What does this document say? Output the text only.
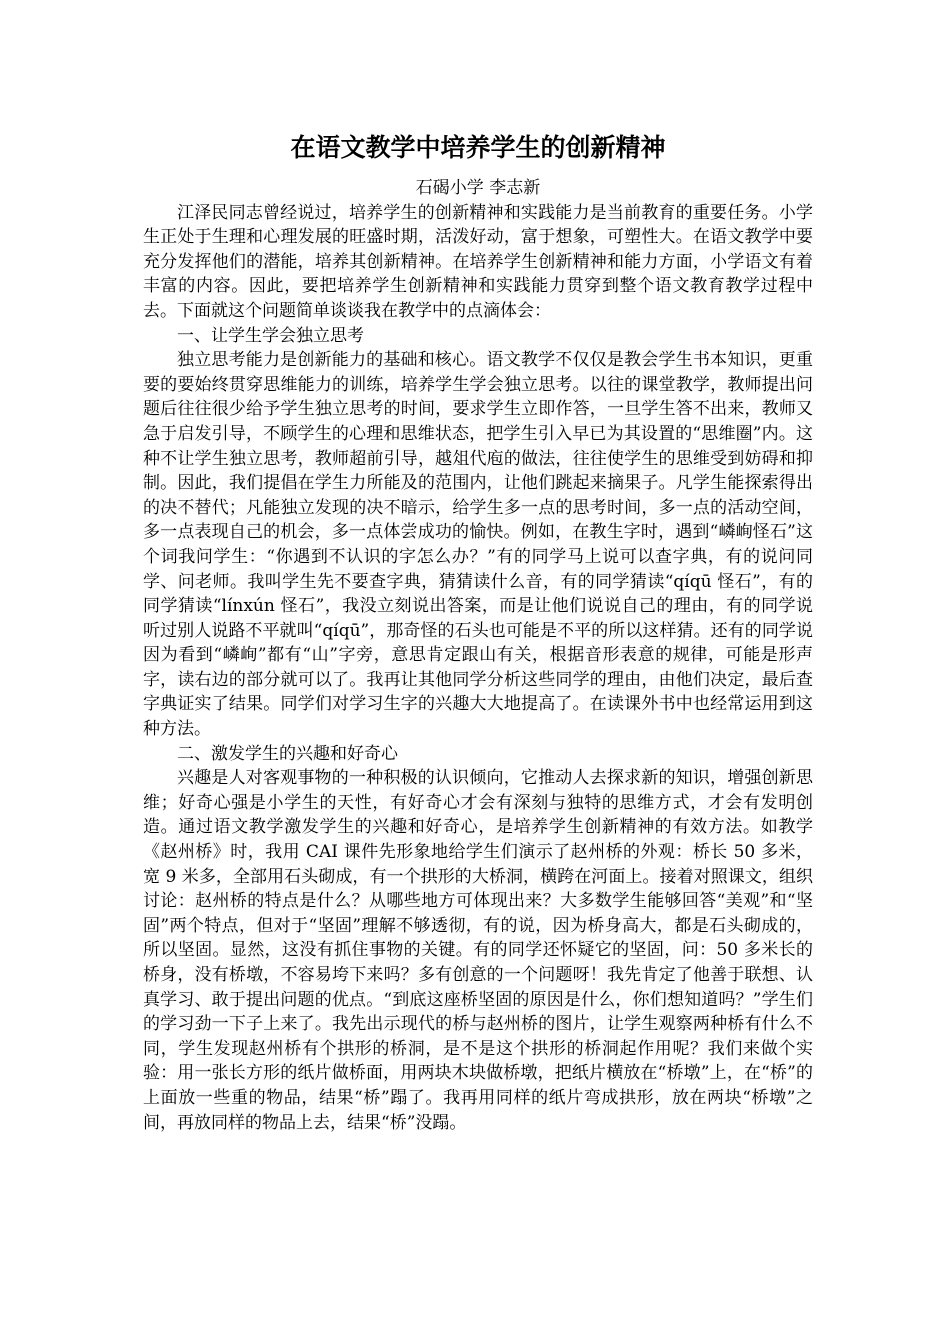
在语文教学中培养学生的创新精神

石碣小学 李志新

江泽民同志曾经说过，培养学生的创新精神和实践能力是当前教育的重要任务。小学生正处于生理和心理发展的旺盛时期，活泼好动，富于想象，可塑性大。在语文教学中要充分发挥他们的潜能，培养其创新精神。在培养学生创新精神和能力方面，小学语文有着丰富的内容。因此，要把培养学生创新精神和实践能力贯穿到整个语文教育教学过程中去。下面就这个问题简单谈谈我在教学中的点滴体会：

一、让学生学会独立思考

独立思考能力是创新能力的基础和核心。语文教学不仅仅是教会学生书本知识，更重要的要始终贯穿思维能力的训练，培养学生学会独立思考。以往的课堂教学，教师提出问题后往往很少给予学生独立思考的时间，要求学生立即作答，一旦学生答不出来，教师又急于启发引导，不顾学生的心理和思维状态，把学生引入早已为其设置的“思维圈”内。这种不让学生独立思考，教师超前引导，越俎代庖的做法，往往使学生的思维受到妨碍和抑制。因此，我们提倡在学生力所能及的范围内，让他们跳起来摘果子。凡学生能探索得出的决不替代；凡能独立发现的决不暗示，给学生多一点的思考时间，多一点的活动空间，多一点表现自己的机会，多一点体尝成功的愉快。例如，在教生字时，遇到“嶙峋怪石”这个词我问学生：“你遇到不认识的字怎么办？”有的同学马上说可以查字典，有的说问同学、问老师。我叫学生先不要查字典，猜猜读什么音，有的同学猜读“qíqū 怪石”，有的同学猜读“línxún 怪石”，我没立刻说出答案，而是让他们说说自己的理由，有的同学说听过别人说路不平就叫“qíqū”，那奇怪的石头也可能是不平的所以这样猜。还有的同学说因为看到“嶙峋”都有“山”字旁，意思肯定跟山有关，根据音形表意的规律，可能是形声字，读右边的部分就可以了。我再让其他同学分析这些同学的理由，由他们决定，最后查字典证实了结果。同学们对学习生字的兴趣大大地提高了。在读课外书中也经常运用到这种方法。

二、激发学生的兴趣和好奇心

兴趣是人对客观事物的一种积极的认识倾向，它推动人去探求新的知识，增强创新思维；好奇心强是小学生的天性，有好奇心才会有深刻与独特的思维方式，才会有发明创造。通过语文教学激发学生的兴趣和好奇心，是培养学生创新精神的有效方法。如教学《赵州桥》时，我用 CAI 课件先形象地给学生们演示了赵州桥的外观：桥长 50 多米，宽 9 米多，全部用石头砌成，有一个拱形的大桥洞，横跨在河面上。接着对照课文，组织讨论：赵州桥的特点是什么？从哪些地方可体现出来？大多数学生能够回答“美观”和“坚固”两个特点，但对于“坚固”理解不够透彻，有的说，因为桥身高大，都是石头砌成的，所以坚固。显然，这没有抓住事物的关键。有的同学还怀疑它的坚固，问：50 多米长的桥身，没有桥墩，不容易垮下来吗？多有创意的一个问题呀！我先肯定了他善于联想、认真学习、敢于提出问题的优点。“到底这座桥坚固的原因是什么，你们想知道吗？”学生们的学习劲一下子上来了。我先出示现代的桥与赵州桥的图片，让学生观察两种桥有什么不同，学生发现赵州桥有个拱形的桥洞，是不是这个拱形的桥洞起作用呢？我们来做个实验：用一张长方形的纸片做桥面，用两块木块做桥墩，把纸片横放在“桥墩”上，在“桥”的上面放一些重的物品，结果“桥”蹋了。我再用同样的纸片弯成拱形，放在两块“桥墩”之间，再放同样的物品上去，结果“桥”没蹋。
